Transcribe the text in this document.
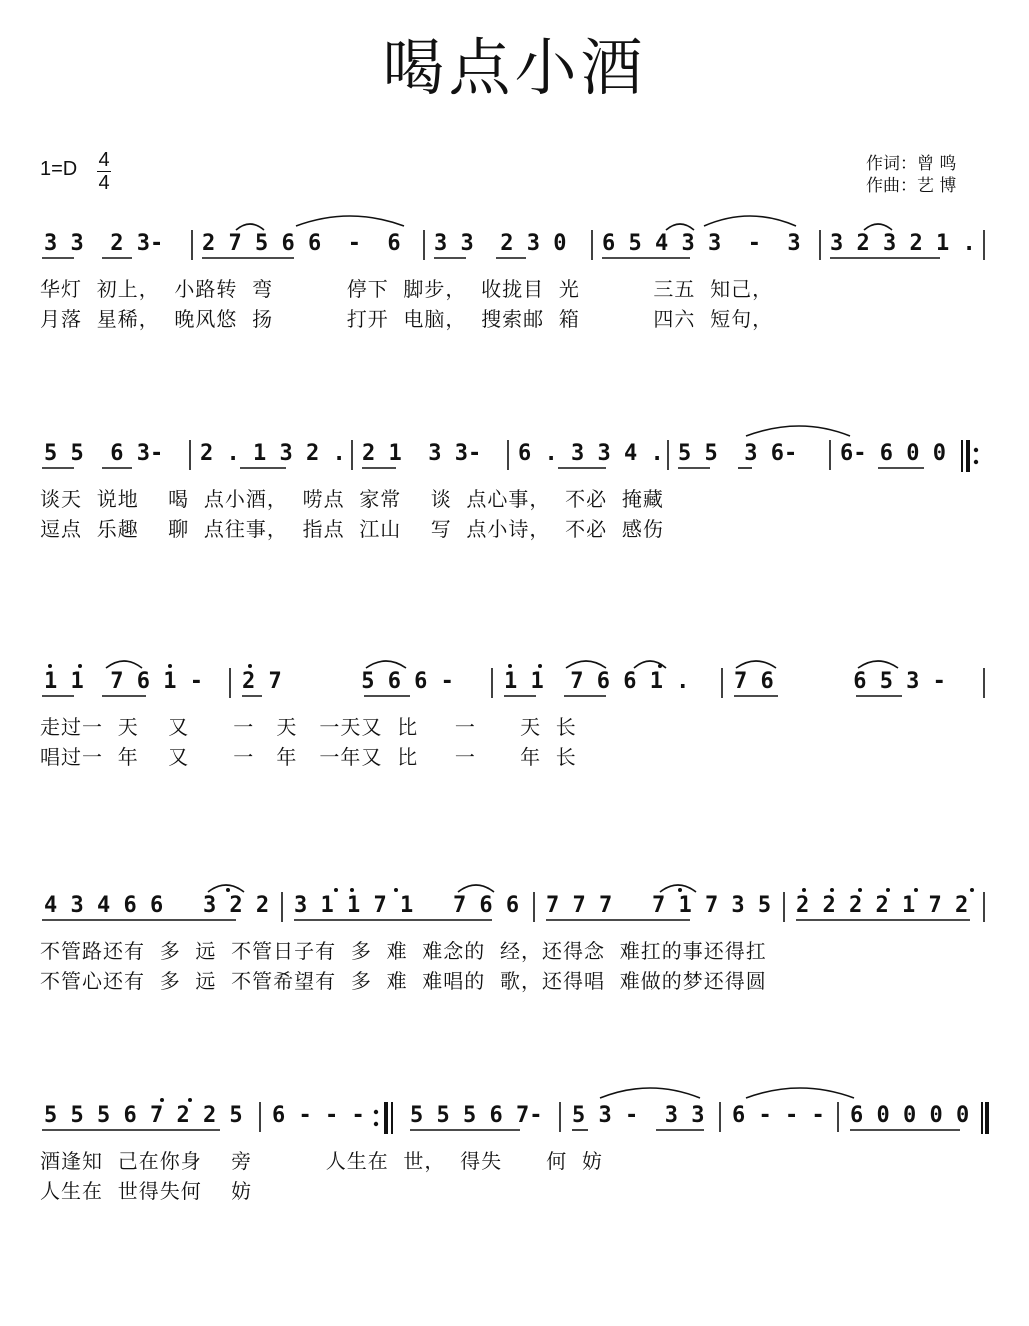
喝点小酒
1=D 4
4
作词：曾 鸣
作曲：艺 博

3 3  2 3-

2 7 5 6 6  -  6

3 3  2 3 0

6 5 4 3 3  -  3

3 2 3 2 1 .

华灯  初上，  小路转  弯          停下  脚步，  收拢目  光          三五  知己，
月落  星稀，  晚风悠  扬          打开  电脑，  搜索邮  箱          四六  短句，

5 5  6 3-

2 . 1 3 2 .

2 1  3 3-

6 . 3 3 4 .

5 5  3 6-

6- 6 0 0

谈天  说地    喝  点小酒，  唠点  家常    谈  点心事，  不必  掩藏
逗点  乐趣    聊  点往事，  指点  江山    写  点小诗，  不必  感伤

1 1  7 6 1 -

2 7      5 6 6 -

1 1  7 6 6 1 .

7 6      6 5 3 -

走过一  天    又      一   天   一天又  比     一      天  长
唱过一  年    又      一   年   一年又  比     一      年  长

4 3 4 6 6   3 2 2

3 1 1 7 1   7 6 6

7 7 7   7 1 7 3 5

2 2 2 2 1 7 2

不管路还有  多  远  不管日子有  多  难  难念的  经，还得念  难扛的事还得扛
不管心还有  多  远  不管希望有  多  难  难唱的  歌，还得唱  难做的梦还得圆

5 5 5 6 7 2 2 5

6 - - -

5 5 5 6 7-

5 3 -  3 3

6 - - -

6 0 0 0 0

酒逢知  己在你身    旁          人生在  世，  得失      何  妨
人生在  世得失何    妨
